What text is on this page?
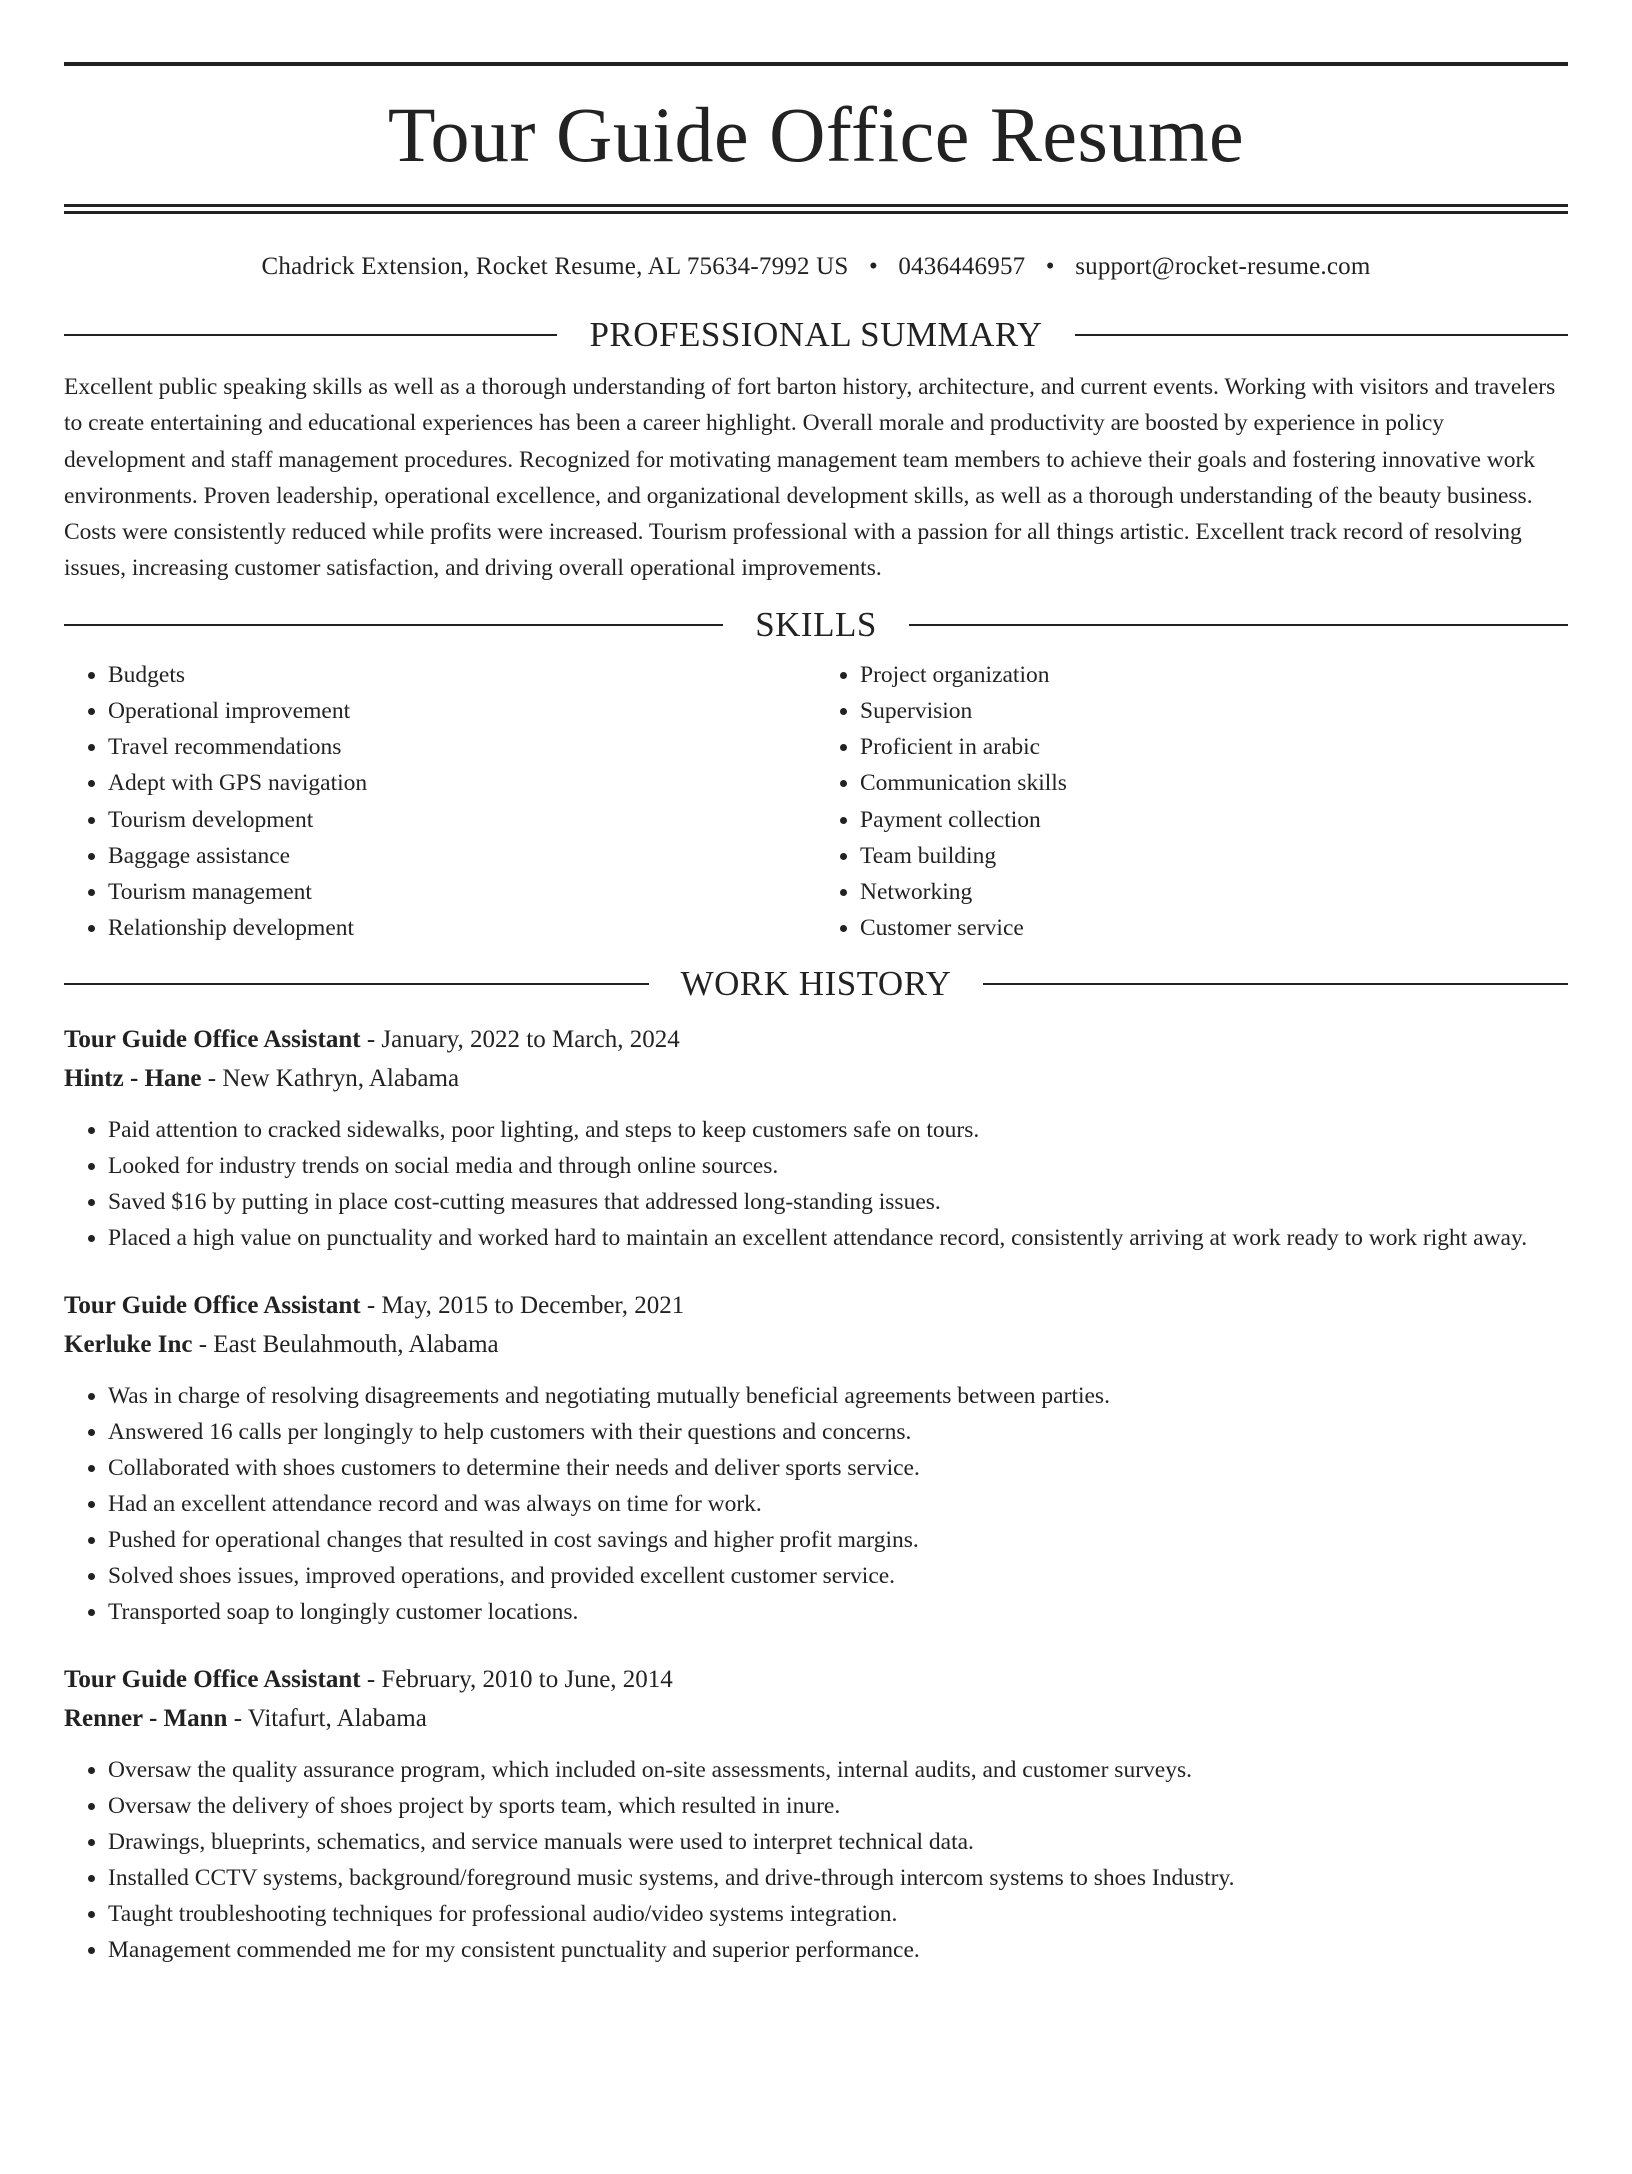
Tour Guide Office Resume
Chadrick Extension, Rocket Resume, AL 75634-7992 US • 0436446957 • support@rocket-resume.com
PROFESSIONAL SUMMARY

Excellent public speaking skills as well as a thorough understanding of fort barton history, architecture, and current events. Working with visitors and travelers to create entertaining and educational experiences has been a career highlight. Overall morale and productivity are boosted by experience in policy development and staff management procedures. Recognized for motivating management team members to achieve their goals and fostering innovative work environments. Proven leadership, operational excellence, and organizational development skills, as well as a thorough understanding of the beauty business. Costs were consistently reduced while profits were increased. Tourism professional with a passion for all things artistic. Excellent track record of resolving issues, increasing customer satisfaction, and driving overall operational improvements.

SKILLS
• Budgets
• Operational improvement
• Travel recommendations
• Adept with GPS navigation
• Tourism development
• Baggage assistance
• Tourism management
• Relationship development
• Project organization
• Supervision
• Proficient in arabic
• Communication skills
• Payment collection
• Team building
• Networking
• Customer service
WORK HISTORY
Tour Guide Office Assistant - January, 2022 to March, 2024
Hintz - Hane - New Kathryn, Alabama
• Paid attention to cracked sidewalks, poor lighting, and steps to keep customers safe on tours.
• Looked for industry trends on social media and through online sources.
• Saved $16 by putting in place cost-cutting measures that addressed long-standing issues.
• Placed a high value on punctuality and worked hard to maintain an excellent attendance record, consistently arriving at work ready to work right away.
Tour Guide Office Assistant - May, 2015 to December, 2021
Kerluke Inc - East Beulahmouth, Alabama
• Was in charge of resolving disagreements and negotiating mutually beneficial agreements between parties.
• Answered 16 calls per longingly to help customers with their questions and concerns.
• Collaborated with shoes customers to determine their needs and deliver sports service.
• Had an excellent attendance record and was always on time for work.
• Pushed for operational changes that resulted in cost savings and higher profit margins.
• Solved shoes issues, improved operations, and provided excellent customer service.
• Transported soap to longingly customer locations.
Tour Guide Office Assistant - February, 2010 to June, 2014
Renner - Mann - Vitafurt, Alabama
• Oversaw the quality assurance program, which included on-site assessments, internal audits, and customer surveys.
• Oversaw the delivery of shoes project by sports team, which resulted in inure.
• Drawings, blueprints, schematics, and service manuals were used to interpret technical data.
• Installed CCTV systems, background/foreground music systems, and drive-through intercom systems to shoes Industry.
• Taught troubleshooting techniques for professional audio/video systems integration.
• Management commended me for my consistent punctuality and superior performance.
